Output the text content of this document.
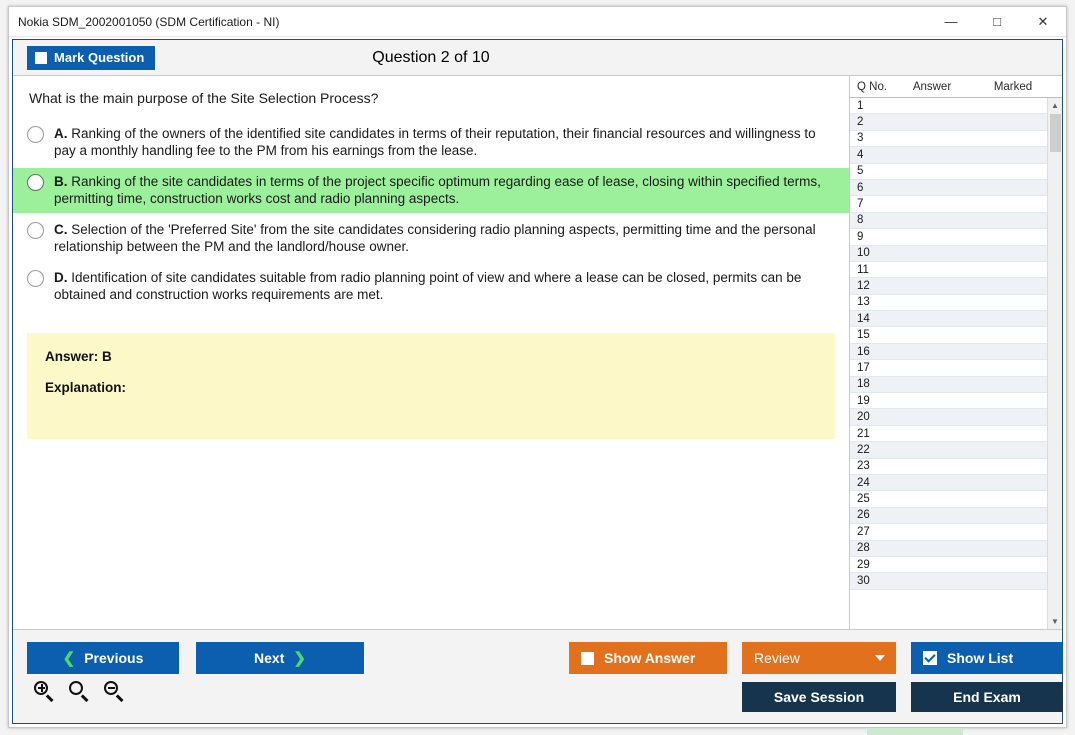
Nokia SDM_2002001050 (SDM Certification - NI)	—	□	✕
Mark Question	Question 2 of 10
What is the main purpose of the Site Selection Process?
A. Ranking of the owners of the identified site candidates in terms of their reputation, their financial resources and willingness to pay a monthly handling fee to the PM from his earnings from the lease.
B. Ranking of the site candidates in terms of the project specific optimum regarding ease of lease, closing within specified terms, permitting time, construction works cost and radio planning aspects.
C. Selection of the 'Preferred Site' from the site candidates considering radio planning aspects, permitting time and the personal relationship between the PM and the landlord/house owner.
D. Identification of site candidates suitable from radio planning point of view and where a lease can be closed, permits can be obtained and construction works requirements are met.
Answer: B
Explanation:
Q No.	Answer	Marked
1
2
3
4
5
6
7
8
9
10
11
12
13
14
15
16
17
18
19
20
21
22
23
24
25
26
27
28
29
30
▲
▼
❮ Previous	Next ❯	Show Answer	Review	Show List
Save Session	End Exam
